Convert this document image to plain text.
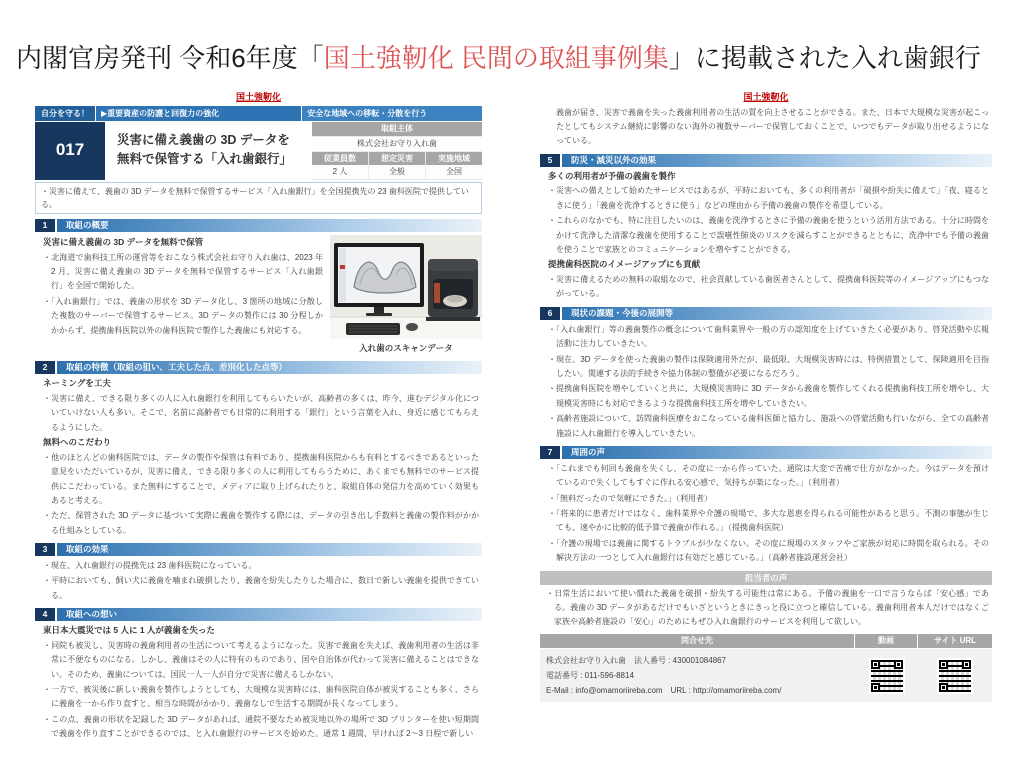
内閣官房発刊 令和6年度「国土強靭化 民間の取組事例集」に掲載された入れ歯銀行
国土強靭化
自分を守る！	▶重要資産の防護と回復力の強化	安全な地域への移転・分散を行う
017
災害に備え義歯の 3D データを
無料で保管する「入れ歯銀行」
取組主体
株式会社お守り入れ歯
従業員数	想定災害	実施地域
2 人	全般	全国
・災害に備えて、義歯の 3D データを無料で保管するサービス「入れ歯銀行」を全国提携先の 23 歯科医院で提供している。
1	取組の概要
災害に備え義歯の 3D データを無料で保管

・北海道で歯科技工所の運営等をおこなう株式会社お守り入れ歯は、2023 年 2 月、災害に備え義歯の 3D データを無料で保管するサービス「入れ歯銀行」を全国で開始した。

・「入れ歯銀行」では、義歯の形状を 3D データ化し、3 箇所の地域に分散した複数のサーバーで保管するサービス。3D データの製作には 30 分程しかかからず、提携歯科医院以外の歯科医院で製作した義歯にも対応する。

入れ歯のスキャンデータ
2	取組の特徴（取組の狙い、工夫した点、差別化した点等）
ネーミングを工夫

・災害に備え、できる限り多くの人に入れ歯銀行を利用してもらいたいが、高齢者の多くは、昨今、進むデジタル化についていけない人も多い。そこで、名前に高齢者でも日常的に利用する「銀行」という言葉を入れ、身近に感じてもらえるようにした。

無料へのこだわり

・他のほとんどの歯科医院では、データの製作や保管は有料であり、提携歯科医院からも有料とするべきであるといった意見をいただいているが、災害に備え、できる限り多くの人に利用してもらうために、あくまでも無料でのサービス提供にこだわっている。また無料にすることで、メディアに取り上げられたりと、取組自体の発信力を高めていく効果もあると考える。

・ただ、保管された 3D データに基づいて実際に義歯を製作する際には、データの引き出し手数料と義歯の製作料がかかる仕組みとしている。

3	取組の効果

・現在、入れ歯銀行の提携先は 23 歯科医院になっている。

・平時においても、飼い犬に義歯を噛まれ破損したり、義歯を紛失したりした場合に、数日で新しい義歯を提供できている。

4	取組への想い
東日本大震災では 5 人に 1 人が義歯を失った

・同院も被災し、災害時の義歯利用者の生活について考えるようになった。災害で義歯を失えば、義歯利用者の生活は非常に不便なものになる。しかし、義歯はその人に特有のものであり、国や自治体が代わって災害に備えることはできない。そのため、義歯については、国民一人一人が自分で災害に備えるしかない。

・一方で、被災後に新しい義歯を製作しようとしても、大規模な災害時には、歯科医院自体が被災することも多く、さらに義歯を一から作り直すと、相当な時間がかかり、義歯なしで生活する期間が長くなってしまう。

・この点、義歯の形状を記録した 3D データがあれば、通院不要なため被災地以外の場所で 3D プリンターを使い短期間で義歯を作り直すことができるのでは、と入れ歯銀行のサービスを始めた。通常 1 週間、早ければ 2～3 日程で新しい

国土強靭化

義歯が届き、災害で義歯を失った義歯利用者の生活の質を向上させることができる。また、日本で大規模な災害が起こったとしてもシステム継続に影響のない海外の複数サーバーで保管しておくことで、いつでもデータが取り出せるようになっている。

5	防災・減災以外の効果
多くの利用者が予備の義歯を製作

・災害への備えとして始めたサービスではあるが、平時においても、多くの利用者が「破損や紛失に備えて」「夜、寝るときに使う」「義歯を洗浄するときに使う」などの理由から予備の義歯の製作を希望している。

・これらのなかでも、特に注目したいのは、義歯を洗浄するときに予備の義歯を使うという活用方法である。十分に時間をかけて洗浄した清潔な義歯を使用することで誤嚥性肺炎のリスクを減らすことができるとともに、洗浄中でも予備の義歯を使うことで家族とのコミュニケーションを増やすことができる。

提携歯科医院のイメージアップにも貢献

・災害に備えるための無料の取組なので、社会貢献している歯医者さんとして、提携歯科医院等のイメージアップにもつながっている。

6	現状の課題・今後の展開等

・「入れ歯銀行」等の義歯製作の概念について歯科業界や一般の方の認知度を上げていきたく必要があり、啓発活動や広報活動に注力していきたい。

・現在、3D データを使った義歯の製作は保険適用外だが、最低限、大規模災害時には、特例措置として、保険適用を目指したい。関連する法的手続きや協力体制の整備が必要になるだろう。

・提携歯科医院を増やしていくと共に、大規模災害時に 3D データから義歯を製作してくれる提携歯科技工所を増やし、大規模災害時にも対応できるような提携歯科技工所を増やしていきたい。

・高齢者施設について、訪問歯科医療をおこなっている歯科医師と協力し、施設への啓蒙活動も行いながら、全ての高齢者施設に入れ歯銀行を導入していきたい。

7	周囲の声

・「これまでも何回も義歯を失くし、その度に一から作っていた。通院は大変で苦痛で仕方がなかった。今はデータを預けているので失くしてもすぐに作れる安心感で、気持ちが楽になった。」（利用者）

・「無料だったので気軽にできた。」（利用者）

・「将来的に患者だけではなく、歯科業界や介護の現場で、多大な恩恵を得られる可能性があると思う。不測の事態が生じても、速やかに比較的低予算で義歯が作れる。」（提携歯科医院）

・「介護の現場では義歯に関するトラブルが少なくない。その度に現場のスタッフやご家族が対応に時間を取られる。その解決方法の一つとして入れ歯銀行は有効だと感じている。」（高齢者施設運営会社）

担当者の声

・日常生活において使い慣れた義歯を破損・紛失する可能性は常にある。予備の義歯を一口で言うならば「安心感」である。義歯の 3D データがあるだけでもいざというときにきっと役に立つと確信している。義歯利用者本人だけではなくご家族や高齢者施設の「安心」のためにもぜひ入れ歯銀行のサービスを利用して欲しい。

問合せ先	動画	サイト URL
株式会社お守り入れ歯　法人番号 : 430001084867
電話番号 : 011-596-8814
E-Mail : info@omamoriireba.com　URL : http://omamoriireba.com/
